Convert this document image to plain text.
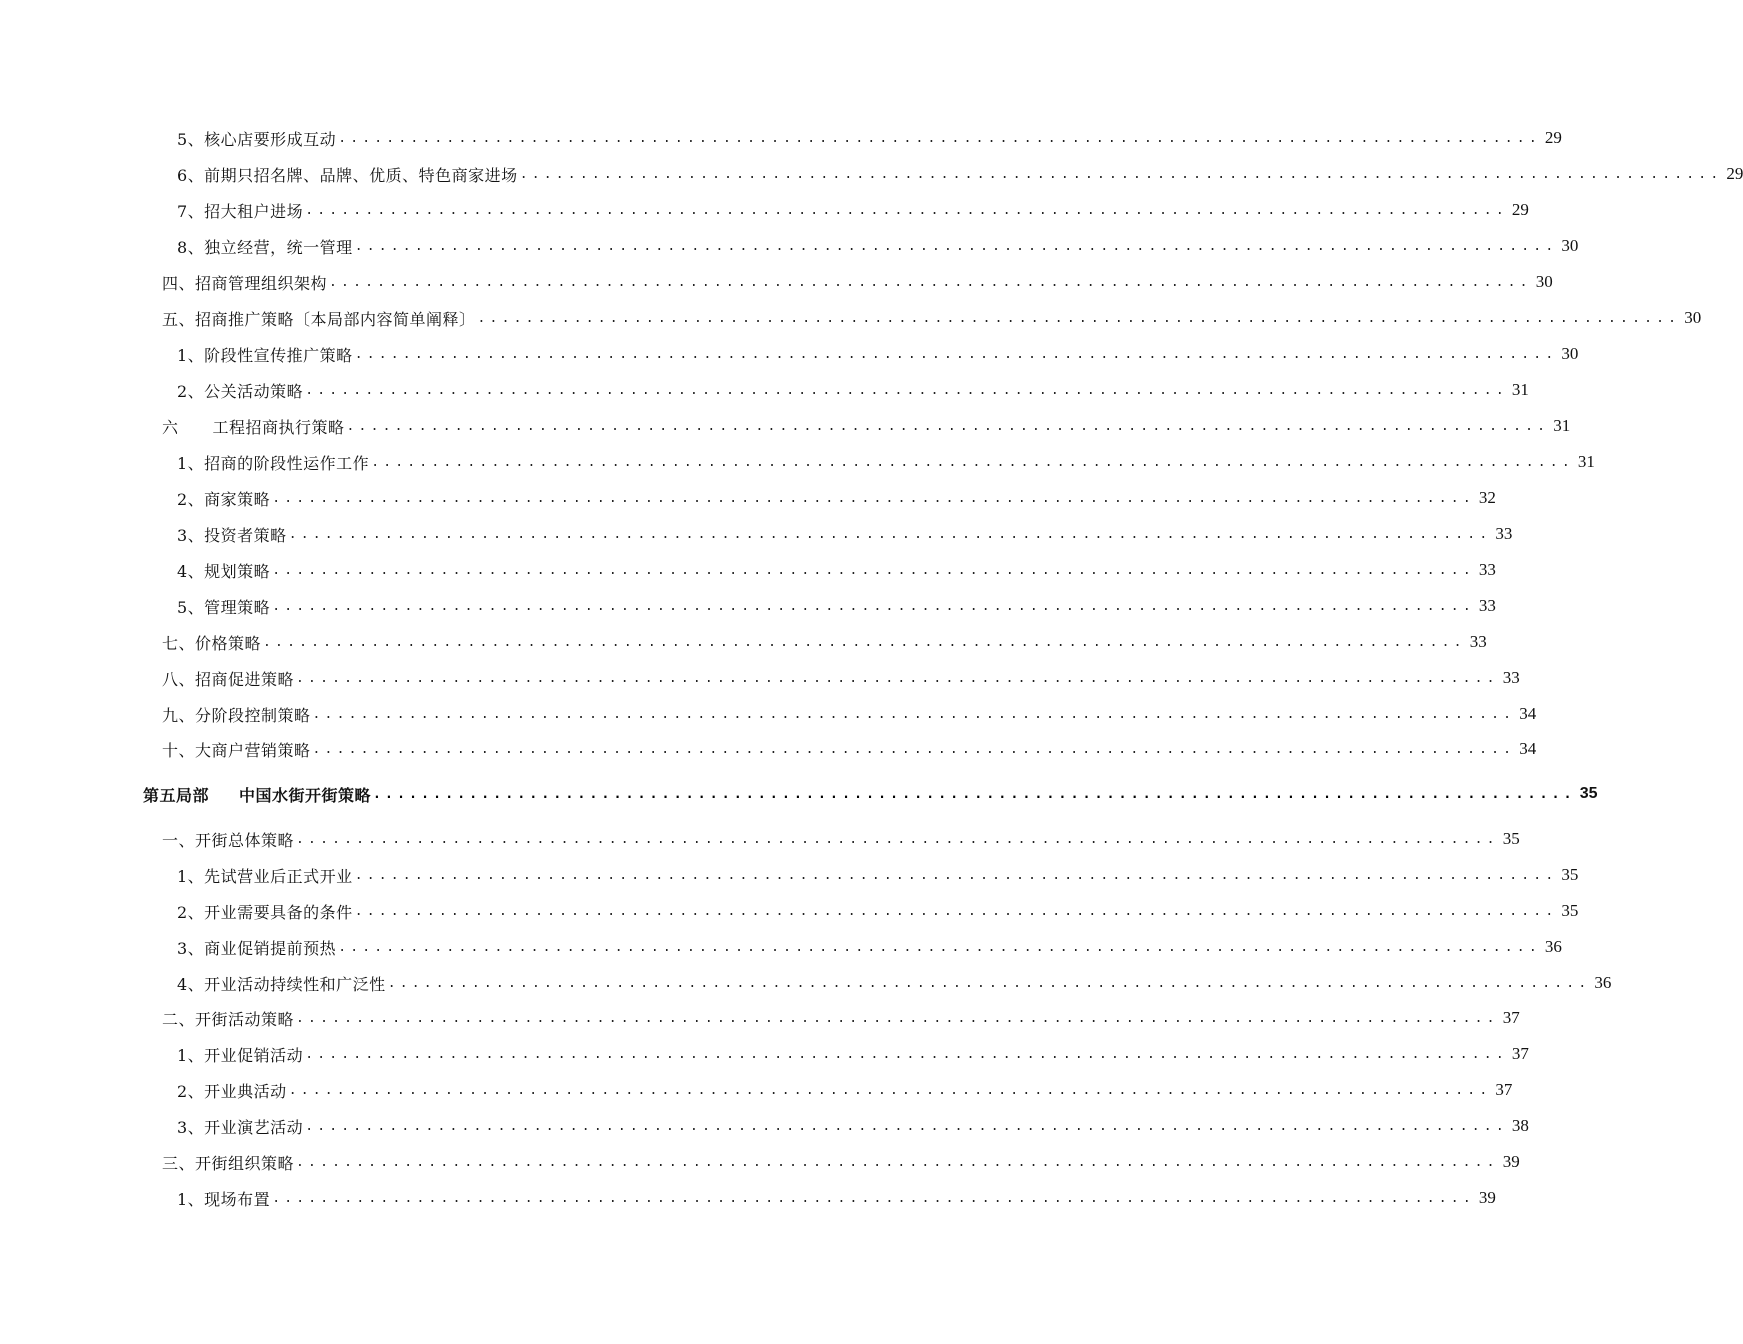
5、核心店要形成互动 .................................................................................................... 29
6、前期只招名牌、品牌、优质、特色商家进场 .................................................................................................... 29
7、招大租户进场 .................................................................................................... 29
8、独立经营，统一管理 .................................................................................................... 30
四、招商管理组织架构 .................................................................................................... 30
五、招商推广策略〔本局部内容简单阐释〕 .................................................................................................... 30
1、阶段性宣传推广策略 .................................................................................................... 30
2、公关活动策略 .................................................................................................... 31
六 工程招商执行策略 .................................................................................................... 31
1、招商的阶段性运作工作 .................................................................................................... 31
2、商家策略 .................................................................................................... 32
3、投资者策略 .................................................................................................... 33
4、规划策略 .................................................................................................... 33
5、管理策略 .................................................................................................... 33
七、价格策略 .................................................................................................... 33
八、招商促进策略 .................................................................................................... 33
九、分阶段控制策略 .................................................................................................... 34
十、大商户营销策略 .................................................................................................... 34
第五局部 中国水街开街策略 .................................................................................................... 35
一、开街总体策略 .................................................................................................... 35
1、先试营业后正式开业 .................................................................................................... 35
2、开业需要具备的条件 .................................................................................................... 35
3、商业促销提前预热 .................................................................................................... 36
4、开业活动持续性和广泛性 .................................................................................................... 36
二、开街活动策略 .................................................................................................... 37
1、开业促销活动 .................................................................................................... 37
2、开业典活动 .................................................................................................... 37
3、开业演艺活动 .................................................................................................... 38
三、开街组织策略 .................................................................................................... 39
1、现场布置 .................................................................................................... 39
